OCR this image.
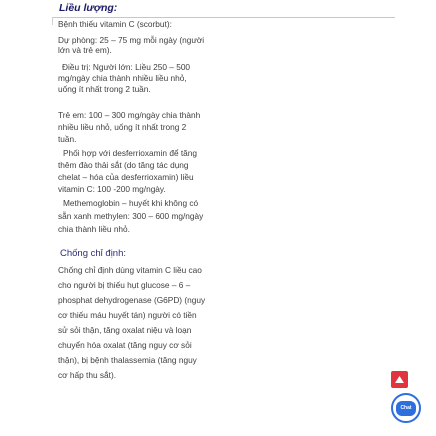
Liều lượng:
Bệnh thiếu vitamin C (scorbut):
Dự phòng: 25 – 75 mg mỗi ngày (người
lớn và trẻ em).
Điều trị: Người lớn: Liều 250 – 500
mg/ngày chia thành nhiều liều nhỏ,
uống ít nhất trong 2 tuần.
Trẻ em: 100 – 300 mg/ngày chia thành
nhiều liều nhỏ, uống ít nhất trong 2
tuần.
Phối hợp với desferrioxamin để tăng
thêm đào thải sắt (do tăng tác dụng
chelat – hóa của desferrioxamin) liều
vitamin C: 100 -200 mg/ngày.
Methemoglobin – huyết khi không có
sẵn xanh methylen: 300 – 600 mg/ngày
chia thành liều nhỏ.
Chống chỉ định:
Chống chỉ định dùng vitamin C liều cao
cho người bị thiếu hụt glucose – 6 –
phosphat dehydrogenase (G6PD) (nguy
cơ thiếu máu huyết tán) người có tiền
sử sỏi thận, tăng oxalat niệu và loạn
chuyển hóa oxalat (tăng nguy cơ sỏi
thận), bị bệnh thalassemia (tăng nguy
cơ hấp thu sắt).
Chat
